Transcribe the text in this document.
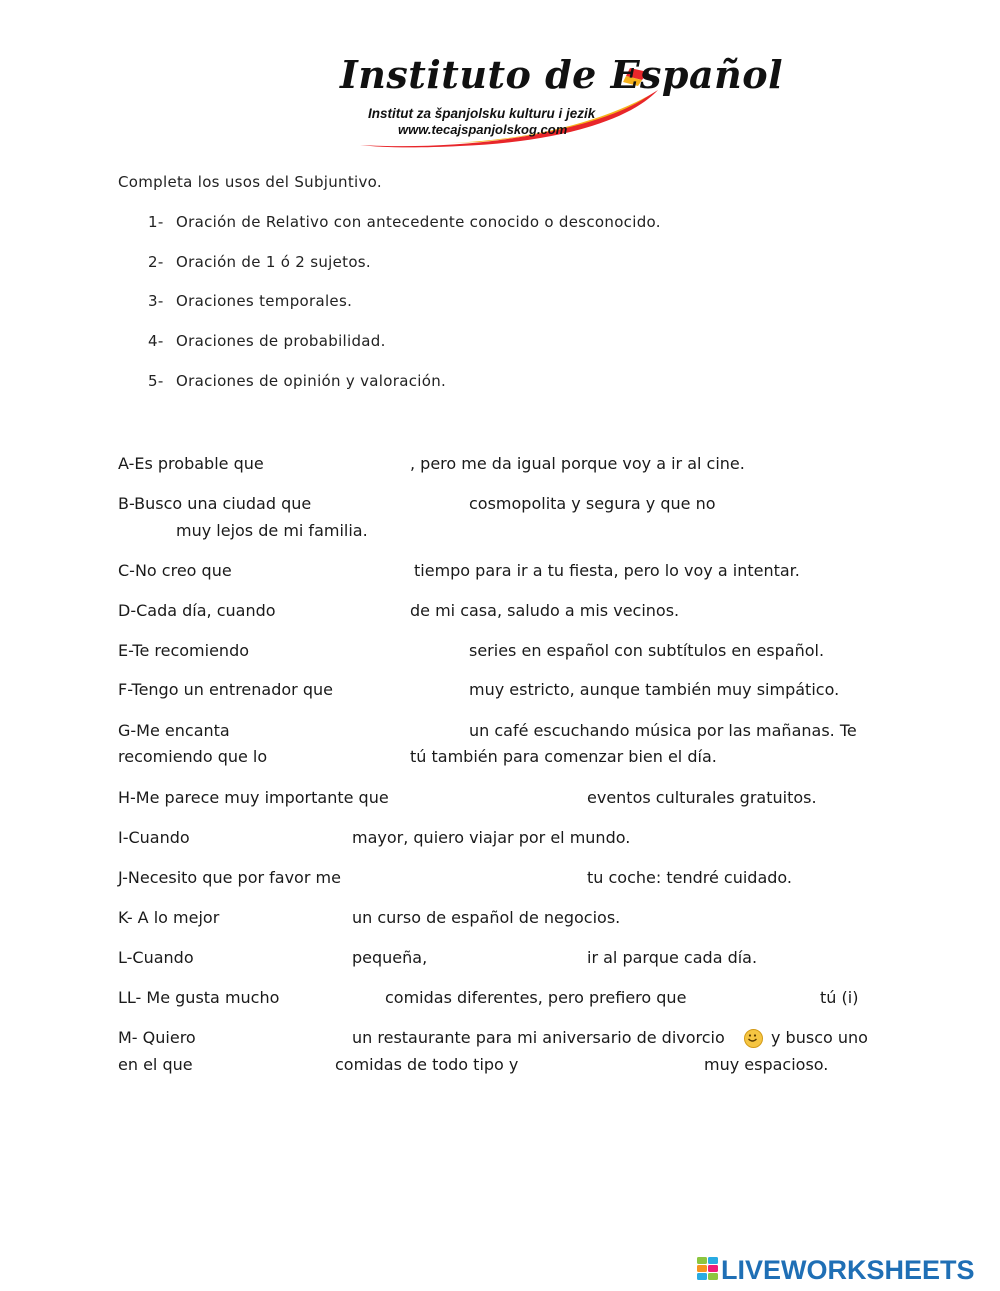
Instituto de Español
Institut za španjolsku kulturu i jezik
www.tecajspanjolskog.com
Completa los usos del Subjuntivo.
1- Oración de Relativo con antecedente conocido o desconocido.
2- Oración de 1 ó 2 sujetos.
3- Oraciones temporales.
4- Oraciones de probabilidad.
5- Oraciones de opinión y valoración.
A-Es probable que	, pero me da igual porque voy a ir al cine.
B-Busco una ciudad que	cosmopolita y segura y que no
muy lejos de mi familia.
C-No creo que	tiempo para ir a tu fiesta, pero lo voy a intentar.
D-Cada día, cuando	de mi casa, saludo a mis vecinos.
E-Te recomiendo	series en español con subtítulos en español.
F-Tengo un entrenador que	muy estricto, aunque también muy simpático.
G-Me encanta	un café escuchando música por las mañanas. Te
recomiendo que lo	tú también para comenzar bien el día.
H-Me parece muy importante que	eventos culturales gratuitos.
I-Cuando	mayor, quiero viajar por el mundo.
J-Necesito que por favor me	tu coche: tendré cuidado.
K- A lo mejor	un curso de español de negocios.
L-Cuando	pequeña,	ir al parque cada día.
LL- Me gusta mucho	comidas diferentes, pero prefiero que	tú (i)
M- Quiero	un restaurante para mi aniversario de divorcio	y busco uno
en el que	comidas de todo tipo y	muy espacioso.
LIVEWORKSHEETS
